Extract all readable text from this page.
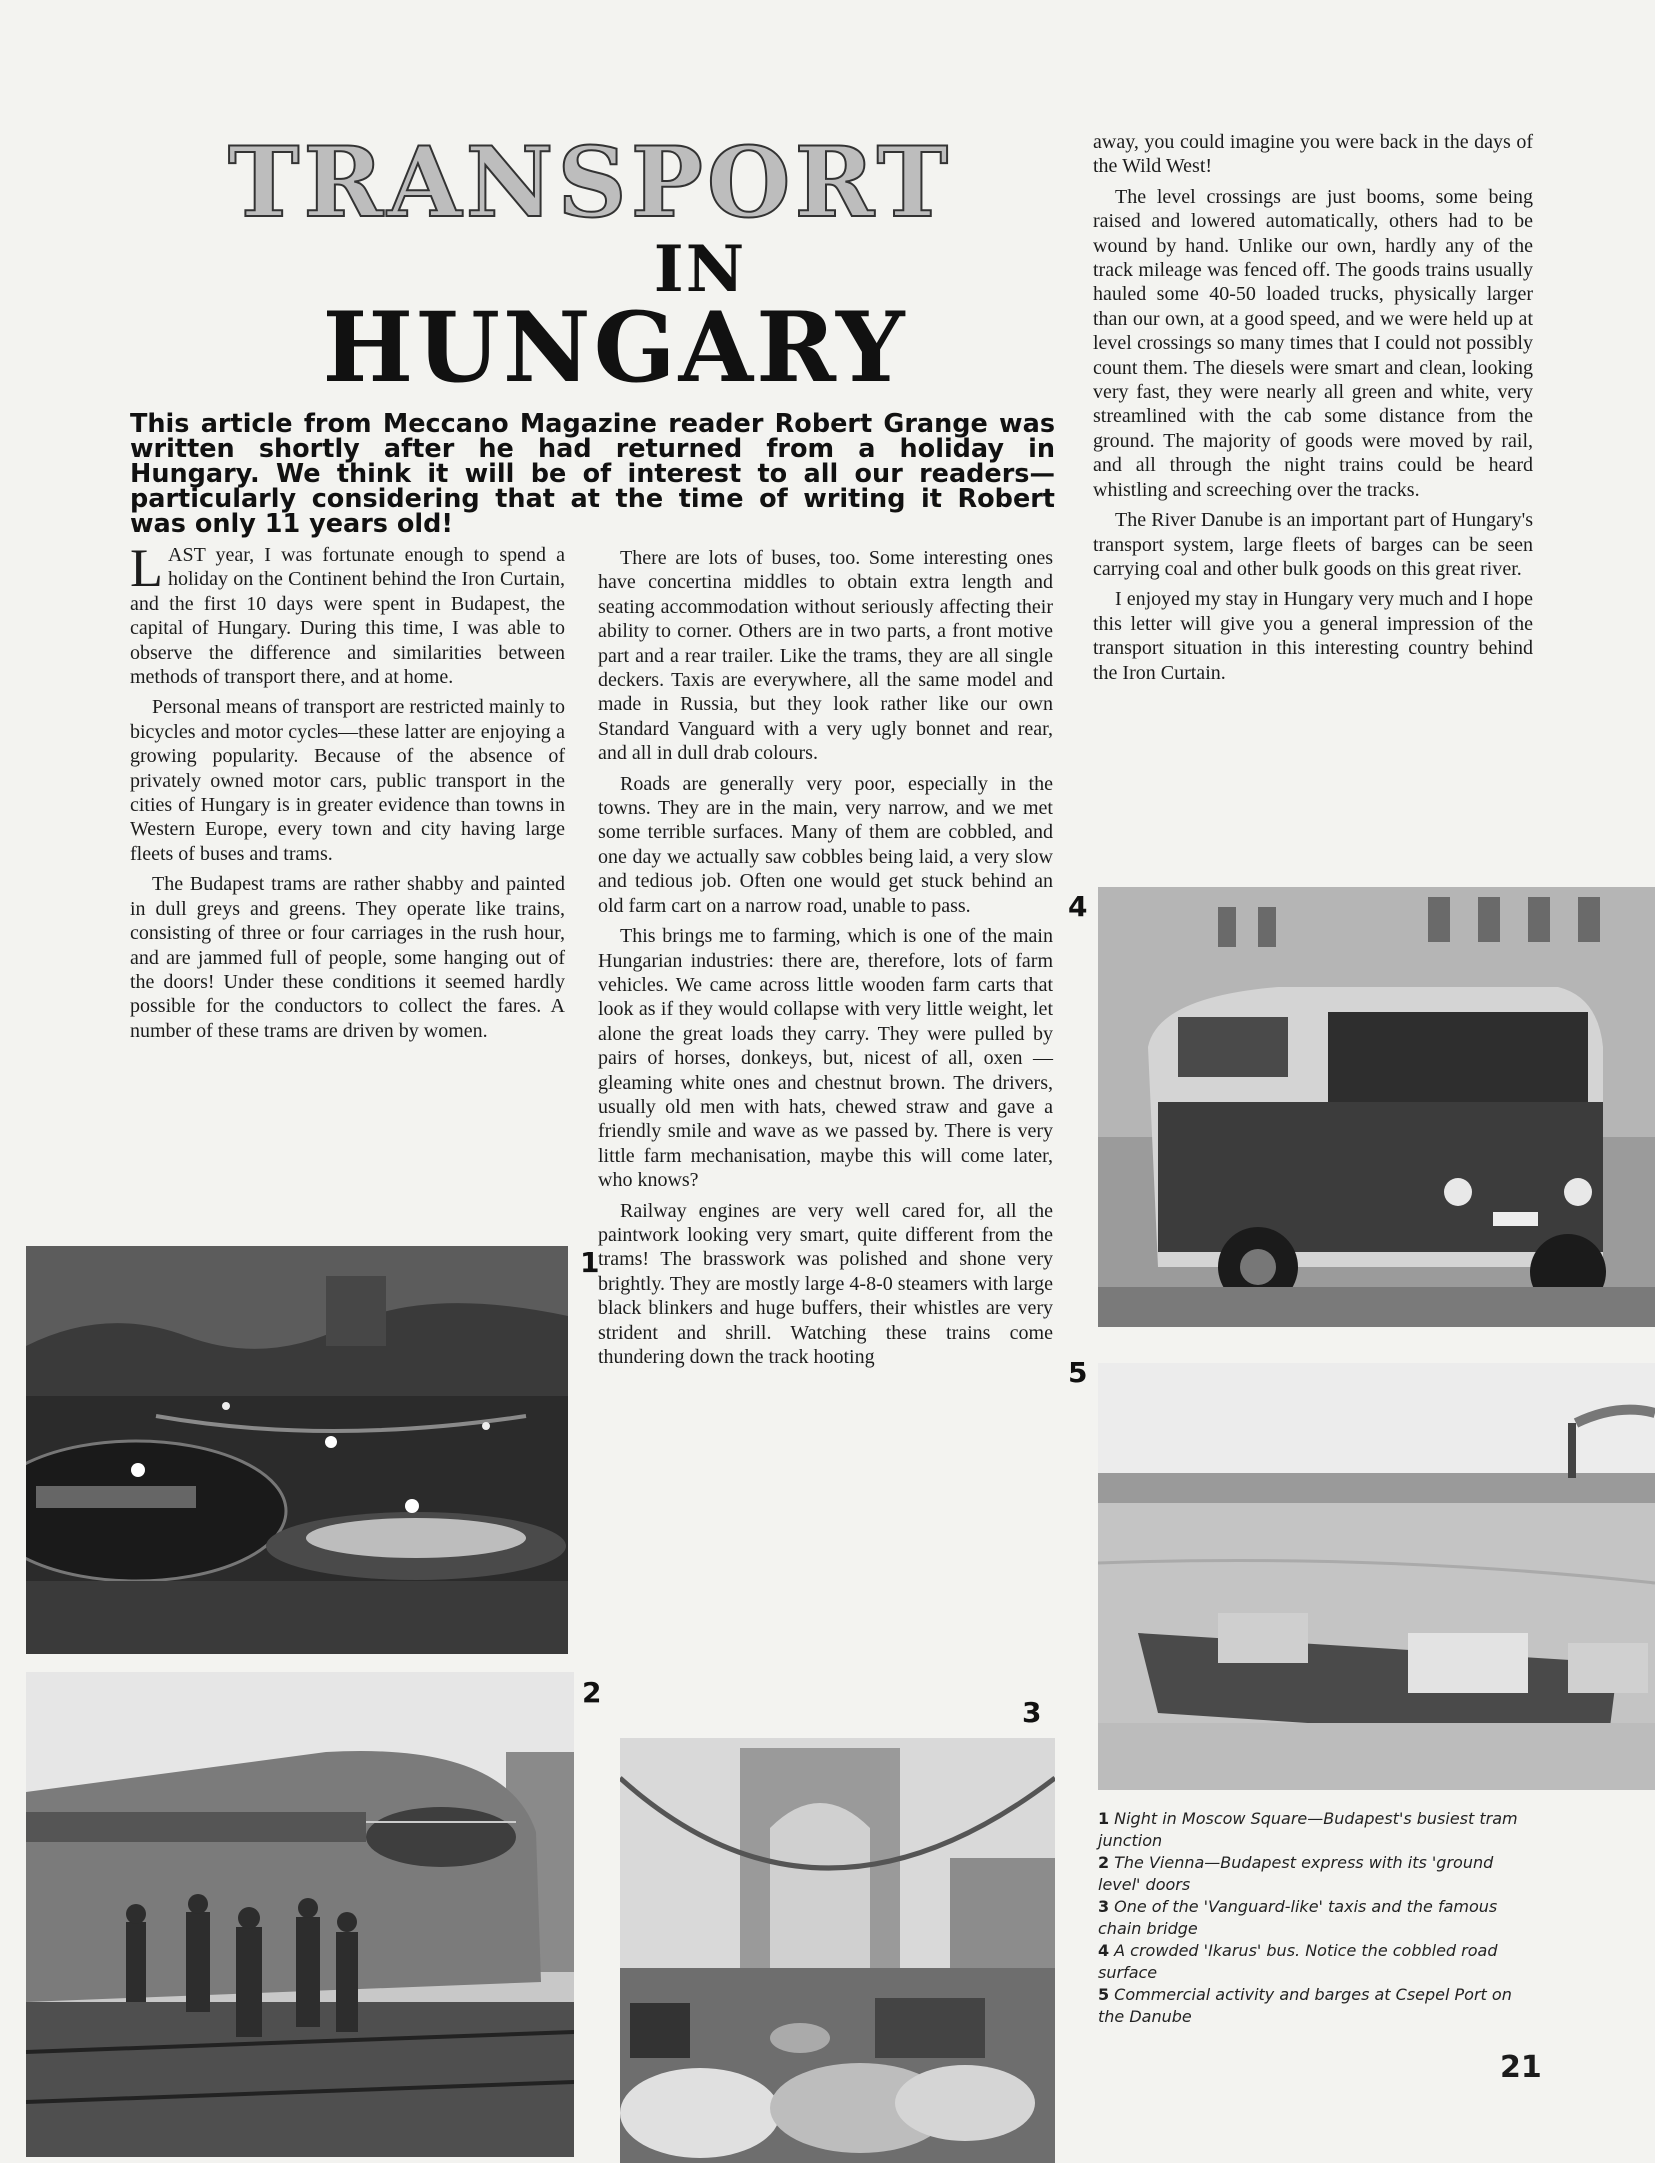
TRANSPORT
IN
HUNGARY

This article from Meccano Magazine reader Robert Grange was written shortly after he had returned from a holiday in Hungary. We think it will be of interest to all our readers—particularly considering that at the time of writing it Robert was only 11 years old!

LAST year, I was fortunate enough to spend a holiday on the Continent behind the Iron Curtain, and the first 10 days were spent in Budapest, the capital of Hungary. During this time, I was able to observe the difference and similarities between methods of transport there, and at home.

Personal means of transport are restricted mainly to bicycles and motor cycles—these latter are enjoying a growing popularity. Because of the absence of privately owned motor cars, public transport in the cities of Hungary is in greater evidence than towns in Western Europe, every town and city having large fleets of buses and trams.

The Budapest trams are rather shabby and painted in dull greys and greens. They operate like trains, consisting of three or four carriages in the rush hour, and are jammed full of people, some hanging out of the doors! Under these conditions it seemed hardly possible for the conductors to collect the fares. A number of these trams are driven by women.

There are lots of buses, too. Some interesting ones have concertina middles to obtain extra length and seating accommodation without seriously affecting their ability to corner. Others are in two parts, a front motive part and a rear trailer. Like the trams, they are all single deckers. Taxis are everywhere, all the same model and made in Russia, but they look rather like our own Standard Vanguard with a very ugly bonnet and rear, and all in dull drab colours.

Roads are generally very poor, especially in the towns. They are in the main, very narrow, and we met some terrible surfaces. Many of them are cobbled, and one day we actually saw cobbles being laid, a very slow and tedious job. Often one would get stuck behind an old farm cart on a narrow road, unable to pass.

This brings me to farming, which is one of the main Hungarian industries: there are, therefore, lots of farm vehicles. We came across little wooden farm carts that look as if they would collapse with very little weight, let alone the great loads they carry. They were pulled by pairs of horses, donkeys, but, nicest of all, oxen — gleaming white ones and chestnut brown. The drivers, usually old men with hats, chewed straw and gave a friendly smile and wave as we passed by. There is very little farm mechanisation, maybe this will come later, who knows?

Railway engines are very well cared for, all the paintwork looking very smart, quite different from the trams! The brasswork was polished and shone very brightly. They are mostly large 4-8-0 steamers with large black blinkers and huge buffers, their whistles are very strident and shrill. Watching these trains come thundering down the track hooting

away, you could imagine you were back in the days of the Wild West!

The level crossings are just booms, some being raised and lowered automatically, others had to be wound by hand. Unlike our own, hardly any of the track mileage was fenced off. The goods trains usually hauled some 40-50 loaded trucks, physically larger than our own, at a good speed, and we were held up at level crossings so many times that I could not possibly count them. The diesels were smart and clean, looking very fast, they were nearly all green and white, very streamlined with the cab some distance from the ground. The majority of goods were moved by rail, and all through the night trains could be heard whistling and screeching over the tracks.

The River Danube is an important part of Hungary's transport system, large fleets of barges can be seen carrying coal and other bulk goods on this great river.

I enjoyed my stay in Hungary very much and I hope this letter will give you a general impression of the transport situation in this interesting country behind the Iron Curtain.

1

2

3

4

5

1 Night in Moscow Square—Budapest's busiest tram junction

2 The Vienna—Budapest express with its 'ground level' doors

3 One of the 'Vanguard-like' taxis and the famous chain bridge

4 A crowded 'Ikarus' bus. Notice the cobbled road surface

5 Commercial activity and barges at Csepel Port on the Danube

21
